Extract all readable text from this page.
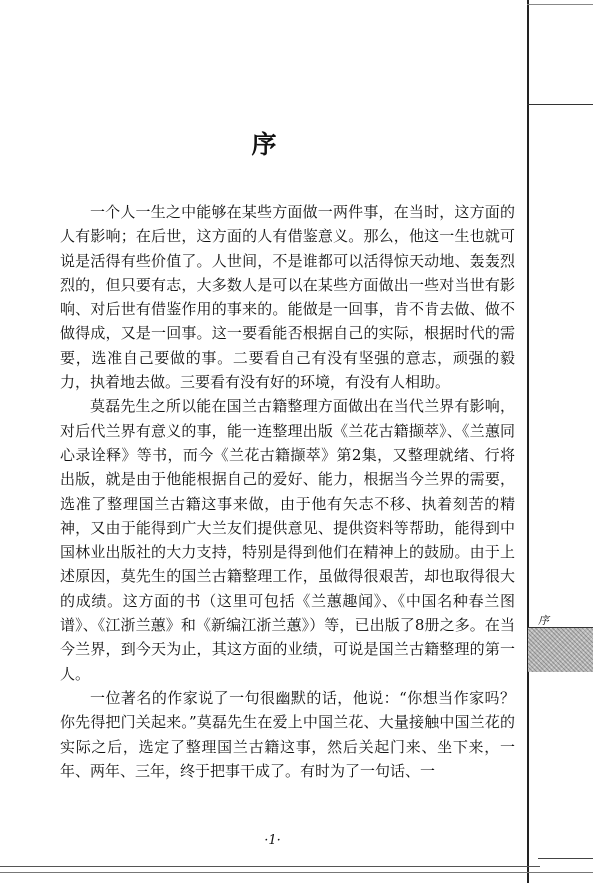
序

一个人一生之中能够在某些方面做一两件事，在当时，这方面的人有影响；在后世，这方面的人有借鉴意义。那么，他这一生也就可说是活得有些价值了。人世间，不是谁都可以活得惊天动地、轰轰烈烈的，但只要有志，大多数人是可以在某些方面做出一些对当世有影响、对后世有借鉴作用的事来的。能做是一回事，肯不肯去做、做不做得成，又是一回事。这一要看能否根据自己的实际，根据时代的需要，选准自己要做的事。二要看自己有没有坚强的意志，顽强的毅力，执着地去做。三要看有没有好的环境，有没有人相助。

莫磊先生之所以能在国兰古籍整理方面做出在当代兰界有影响，对后代兰界有意义的事，能一连整理出版《兰花古籍撷萃》、《兰蕙同心录诠释》等书，而今《兰花古籍撷萃》第2集，又整理就绪、行将出版，就是由于他能根据自己的爱好、能力，根据当今兰界的需要，选准了整理国兰古籍这事来做，由于他有矢志不移、执着刻苦的精神，又由于能得到广大兰友们提供意见、提供资料等帮助，能得到中国林业出版社的大力支持，特别是得到他们在精神上的鼓励。由于上述原因，莫先生的国兰古籍整理工作，虽做得很艰苦，却也取得很大的成绩。这方面的书（这里可包括《兰蕙趣闻》、《中国名种春兰图谱》、《江浙兰蕙》和《新编江浙兰蕙》）等，已出版了8册之多。在当今兰界，到今天为止，其这方面的业绩，可说是国兰古籍整理的第一人。

一位著名的作家说了一句很幽默的话，他说：“你想当作家吗？你先得把门关起来。”莫磊先生在爱上中国兰花、大量接触中国兰花的实际之后，选定了整理国兰古籍这事，然后关起门来、坐下来，一年、两年、三年，终于把事干成了。有时为了一句话、一

·1·
序
